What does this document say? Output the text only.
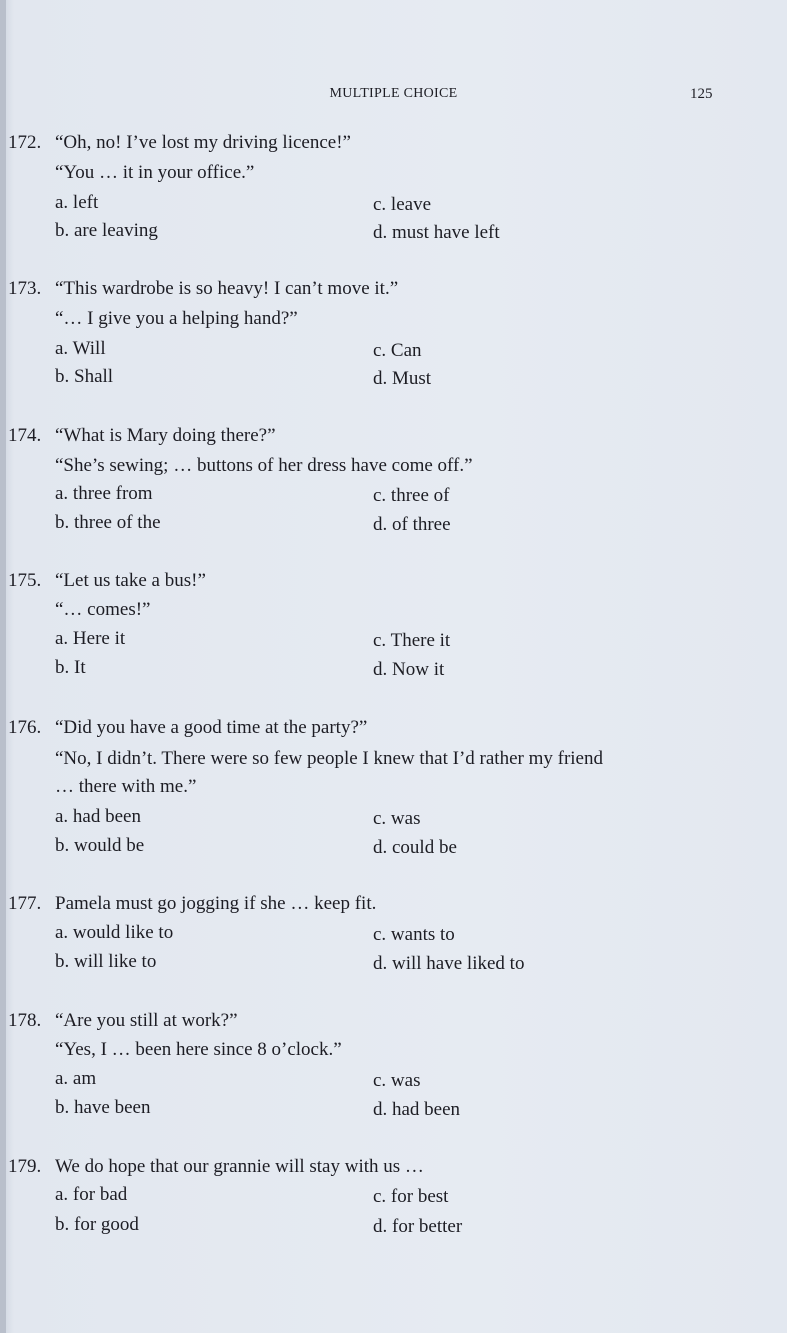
MULTIPLE CHOICE	125
172. “Oh, no! I’ve lost my driving licence!”
“You … it in your office.”
a. left	c. leave
b. are leaving	d. must have left
173. “This wardrobe is so heavy! I can’t move it.”
“… I give you a helping hand?”
a. Will	c. Can
b. Shall	d. Must
174. “What is Mary doing there?”
“She’s sewing; … buttons of her dress have come off.”
a. three from	c. three of
b. three of the	d. of three
175. “Let us take a bus!”
“… comes!”
a. Here it	c. There it
b. It	d. Now it
176. “Did you have a good time at the party?”
“No, I didn’t. There were so few people I knew that I’d rather my friend
… there with me.”
a. had been	c. was
b. would be	d. could be
177. Pamela must go jogging if she … keep fit.
a. would like to	c. wants to
b. will like to	d. will have liked to
178. “Are you still at work?”
“Yes, I … been here since 8 o’clock.”
a. am	c. was
b. have been	d. had been
179. We do hope that our grannie will stay with us …
a. for bad	c. for best
b. for good	d. for better
